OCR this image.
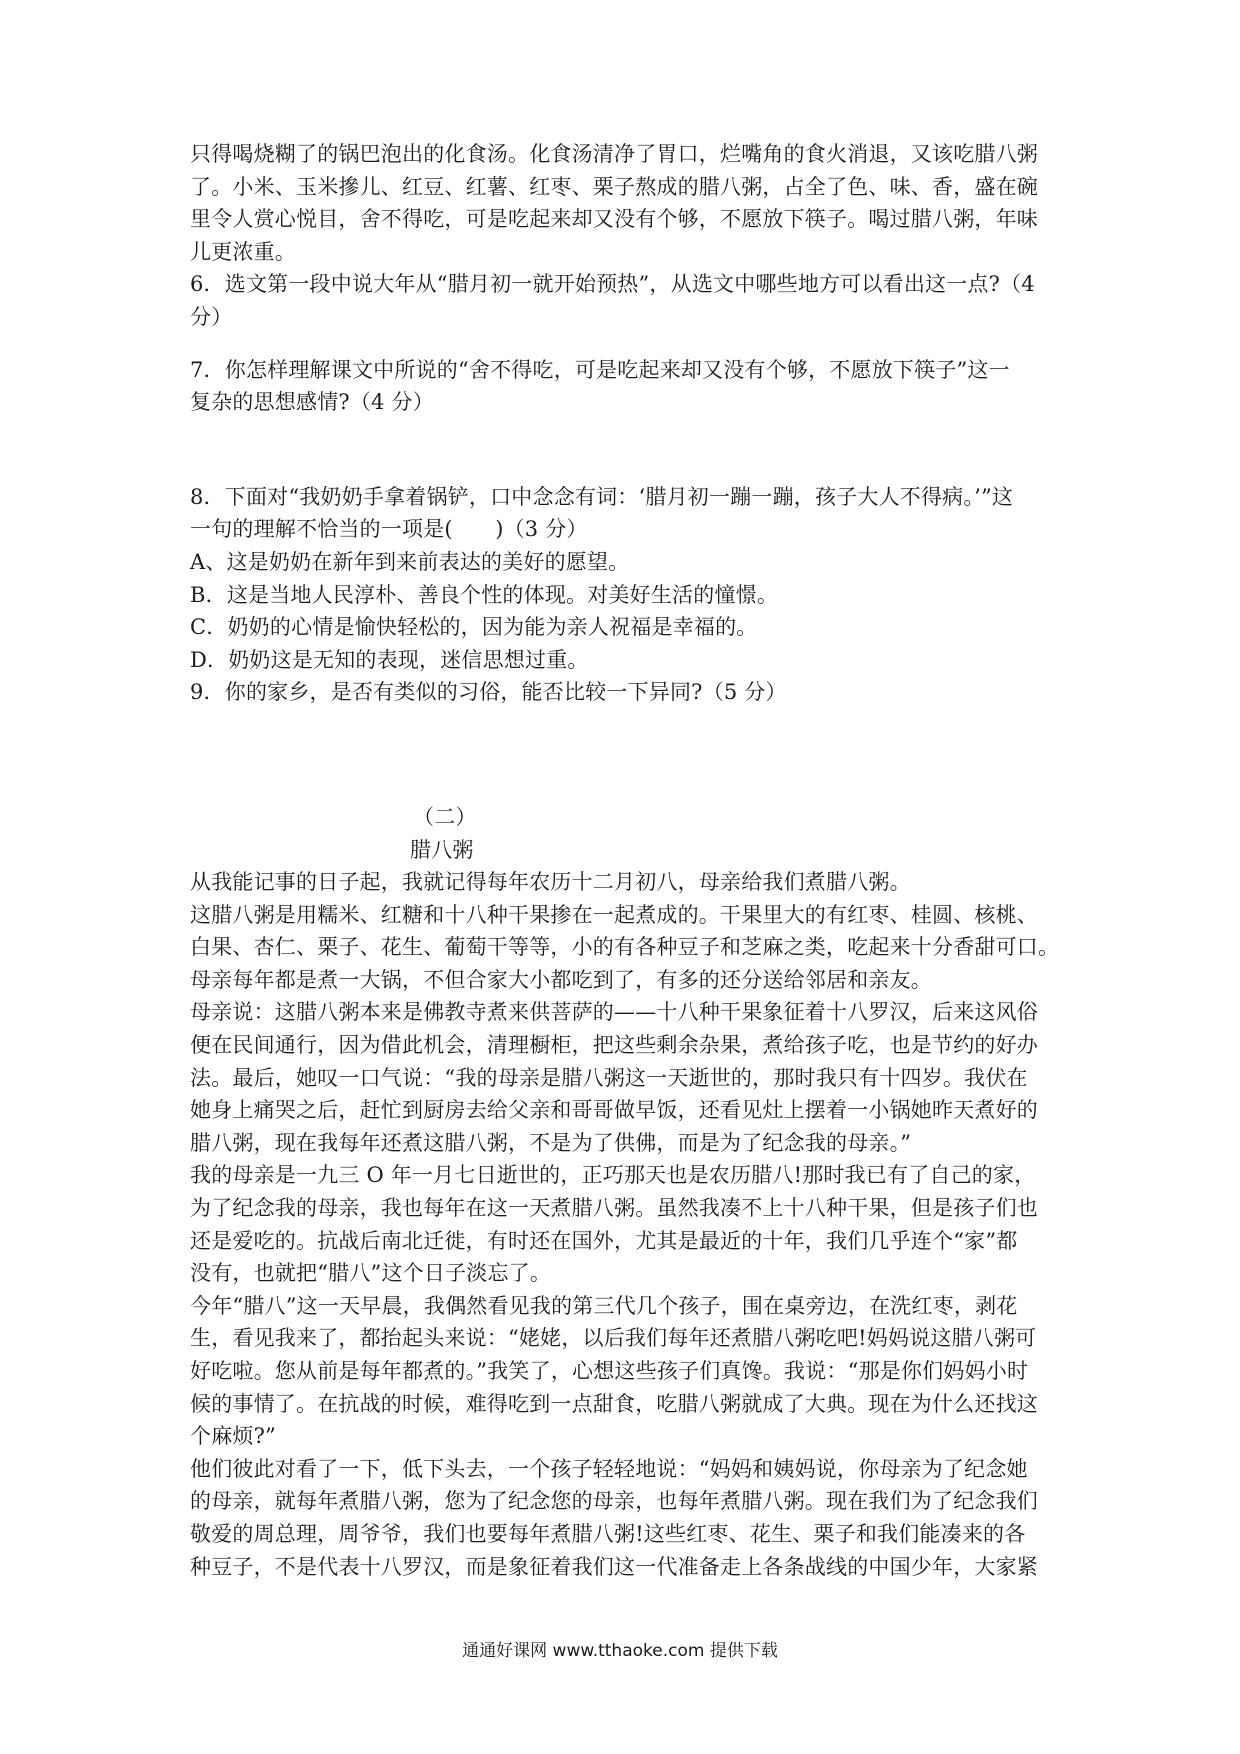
只得喝烧糊了的锅巴泡出的化食汤。化食汤清净了胃口，烂嘴角的食火消退，又该吃腊八粥
了。小米、玉米摻儿、红豆、红薯、红枣、栗子熬成的腊八粥，占全了色、味、香，盛在碗
里令人赏心悦目，舍不得吃，可是吃起来却又没有个够，不愿放下筷子。喝过腊八粥，年味
儿更浓重。
6．选文第一段中说大年从“腊月初一就开始预热”，从选文中哪些地方可以看出这一点?（4
分）
7．你怎样理解课文中所说的“舍不得吃，可是吃起来却又没有个够，不愿放下筷子”这一
复杂的思想感情?（4 分）
8．下面对“我奶奶手拿着锅铲，口中念念有词：‘腊月初一蹦一蹦，孩子大人不得病。’”这
一句的理解不恰当的一项是(　　)（3 分）
A、这是奶奶在新年到来前表达的美好的愿望。
B．这是当地人民淳朴、善良个性的体现。对美好生活的憧憬。
C．奶奶的心情是愉快轻松的，因为能为亲人祝福是幸福的。
D．奶奶这是无知的表现，迷信思想过重。
9．你的家乡，是否有类似的习俗，能否比较一下异同?（5 分）
（二）
腊八粥
从我能记事的日子起，我就记得每年农历十二月初八，母亲给我们煮腊八粥。
这腊八粥是用糯米、红糖和十八种干果掺在一起煮成的。干果里大的有红枣、桂圆、核桃、
白果、杏仁、栗子、花生、葡萄干等等，小的有各种豆子和芝麻之类，吃起来十分香甜可口。
母亲每年都是煮一大锅，不但合家大小都吃到了，有多的还分送给邻居和亲友。
母亲说：这腊八粥本来是佛教寺煮来供菩萨的——十八种干果象征着十八罗汉，后来这风俗
便在民间通行，因为借此机会，清理橱柜，把这些剩余杂果，煮给孩子吃，也是节约的好办
法。最后，她叹一口气说：“我的母亲是腊八粥这一天逝世的，那时我只有十四岁。我伏在
她身上痛哭之后，赶忙到厨房去给父亲和哥哥做早饭，还看见灶上摆着一小锅她昨天煮好的
腊八粥，现在我每年还煮这腊八粥，不是为了供佛，而是为了纪念我的母亲。”
我的母亲是一九三 O 年一月七日逝世的，正巧那天也是农历腊八!那时我已有了自己的家，
为了纪念我的母亲，我也每年在这一天煮腊八粥。虽然我凑不上十八种干果，但是孩子们也
还是爱吃的。抗战后南北迁徙，有时还在国外，尤其是最近的十年，我们几乎连个“家”都
没有，也就把“腊八”这个日子淡忘了。
今年“腊八”这一天早晨，我偶然看见我的第三代几个孩子，围在桌旁边，在洗红枣，剥花
生，看见我来了，都抬起头来说：“姥姥，以后我们每年还煮腊八粥吃吧!妈妈说这腊八粥可
好吃啦。您从前是每年都煮的。”我笑了，心想这些孩子们真馋。我说：“那是你们妈妈小时
候的事情了。在抗战的时候，难得吃到一点甜食，吃腊八粥就成了大典。现在为什么还找这
个麻烦?”
他们彼此对看了一下，低下头去，一个孩子轻轻地说：“妈妈和姨妈说，你母亲为了纪念她
的母亲，就每年煮腊八粥，您为了纪念您的母亲，也每年煮腊八粥。现在我们为了纪念我们
敬爱的周总理，周爷爷，我们也要每年煮腊八粥!这些红枣、花生、栗子和我们能凑来的各
种豆子，不是代表十八罗汉，而是象征着我们这一代准备走上各条战线的中国少年，大家紧
通通好课网 www.tthaoke.com 提供下载
